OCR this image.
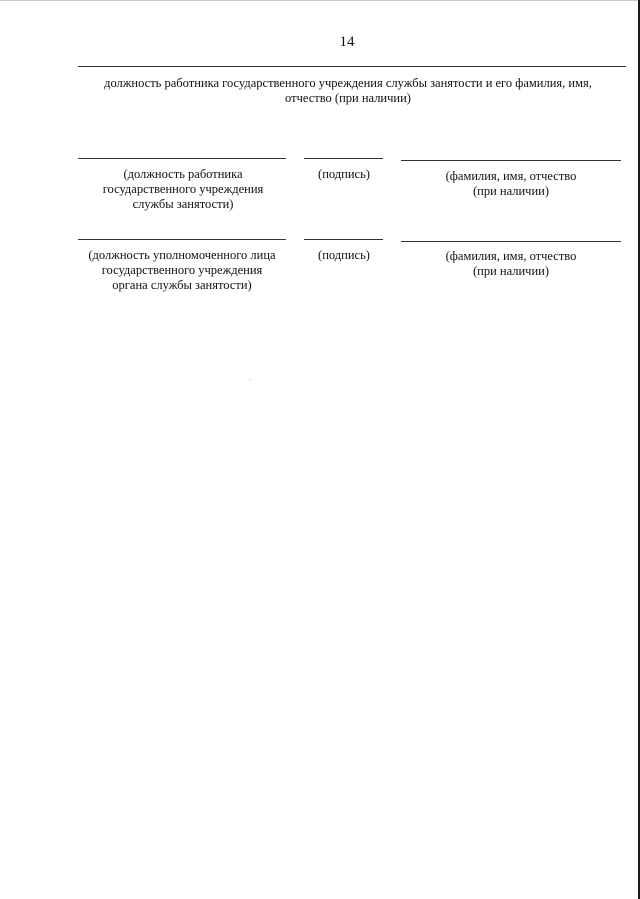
14
должность работника государственного учреждения службы занятости и его фамилия, имя,
отчество (при наличии)
(должность работника
государственного учреждения
службы занятости)
(подпись)	(фамилия, имя, отчество
(при наличии)
(должность уполномоченного лица
государственного учреждения
органа службы занятости)
(подпись)	(фамилия, имя, отчество
(при наличии)
